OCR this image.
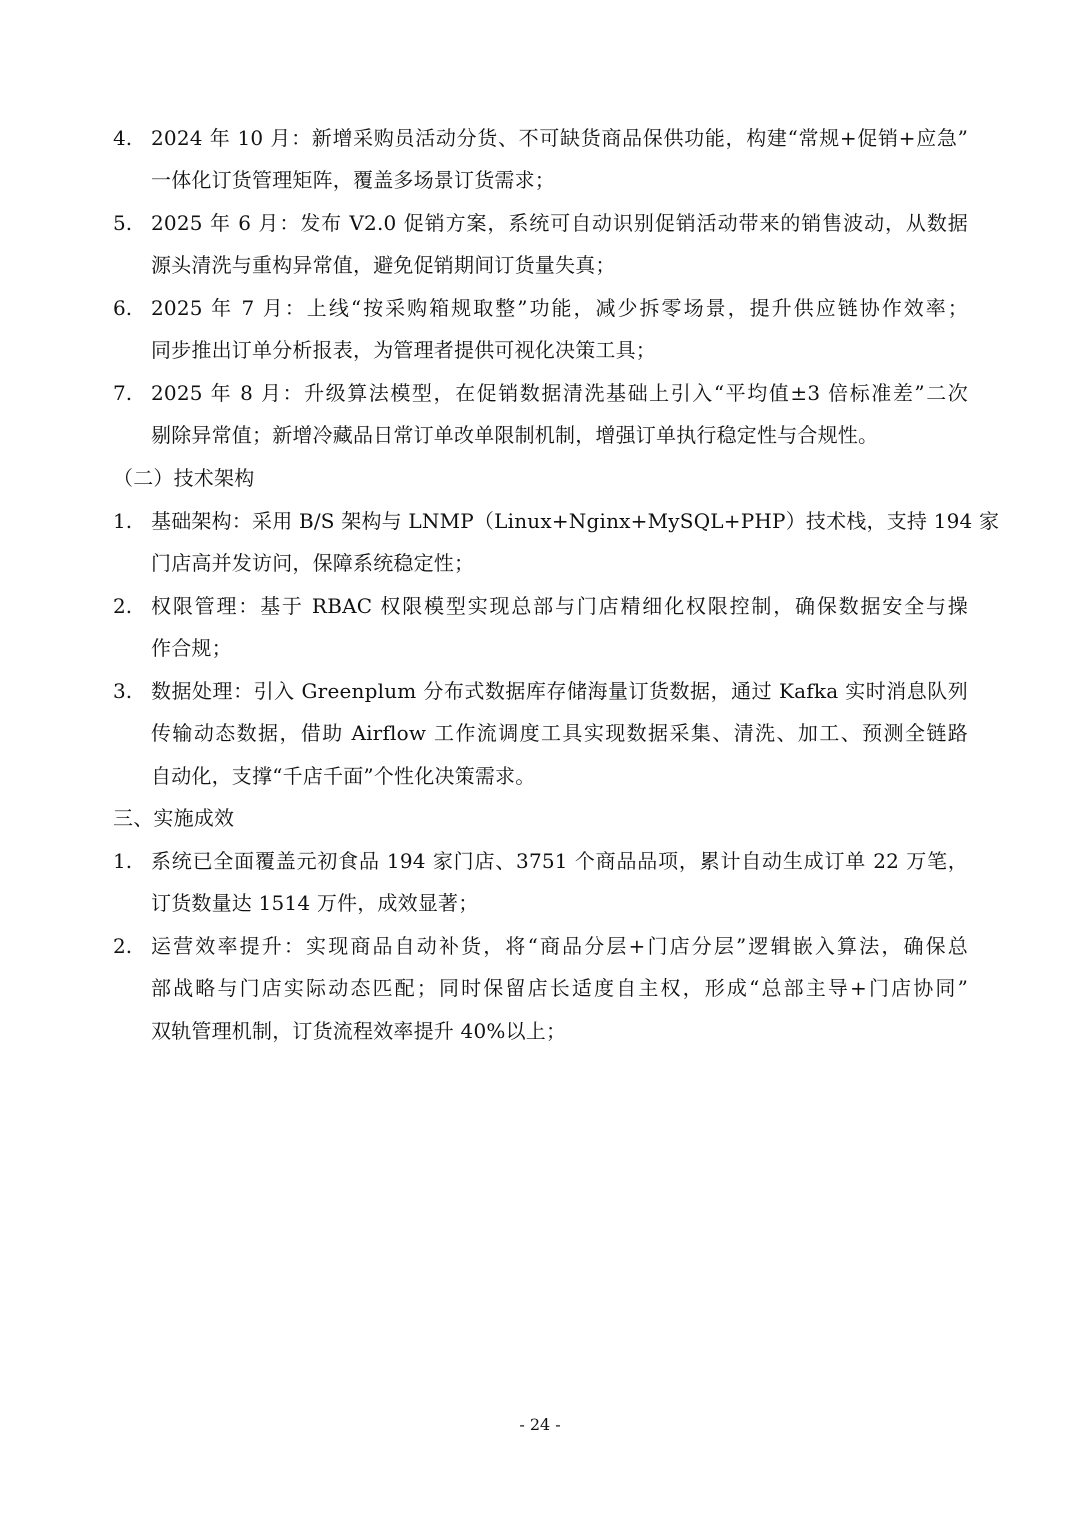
4. 2024 年 10 月：新增采购员活动分货、不可缺货商品保供功能，构建“常规+促销+应急”
一体化订货管理矩阵，覆盖多场景订货需求；
5. 2025 年 6 月：发布 V2.0 促销方案，系统可自动识别促销活动带来的销售波动，从数据
源头清洗与重构异常值，避免促销期间订货量失真；
6. 2025 年 7 月：上线“按采购箱规取整”功能，减少拆零场景，提升供应链协作效率；
同步推出订单分析报表，为管理者提供可视化决策工具；
7. 2025 年 8 月：升级算法模型，在促销数据清洗基础上引入“平均值±3 倍标准差”二次
剔除异常值；新增冷藏品日常订单改单限制机制，增强订单执行稳定性与合规性。
（二）技术架构
1. 基础架构：采用 B/S 架构与 LNMP（Linux+Nginx+MySQL+PHP）技术栈，支持 194 家
门店高并发访问，保障系统稳定性；
2. 权限管理：基于 RBAC 权限模型实现总部与门店精细化权限控制，确保数据安全与操
作合规；
3. 数据处理：引入 Greenplum 分布式数据库存储海量订货数据，通过 Kafka 实时消息队列
传输动态数据，借助 Airflow 工作流调度工具实现数据采集、清洗、加工、预测全链路
自动化，支撑“千店千面”个性化决策需求。
三、实施成效
1. 系统已全面覆盖元初食品 194 家门店、3751 个商品品项，累计自动生成订单 22 万笔，
订货数量达 1514 万件，成效显著；
2. 运营效率提升：实现商品自动补货，将“商品分层+门店分层”逻辑嵌入算法，确保总
部战略与门店实际动态匹配；同时保留店长适度自主权，形成“总部主导+门店协同”
双轨管理机制，订货流程效率提升 40%以上；
- 24 -
